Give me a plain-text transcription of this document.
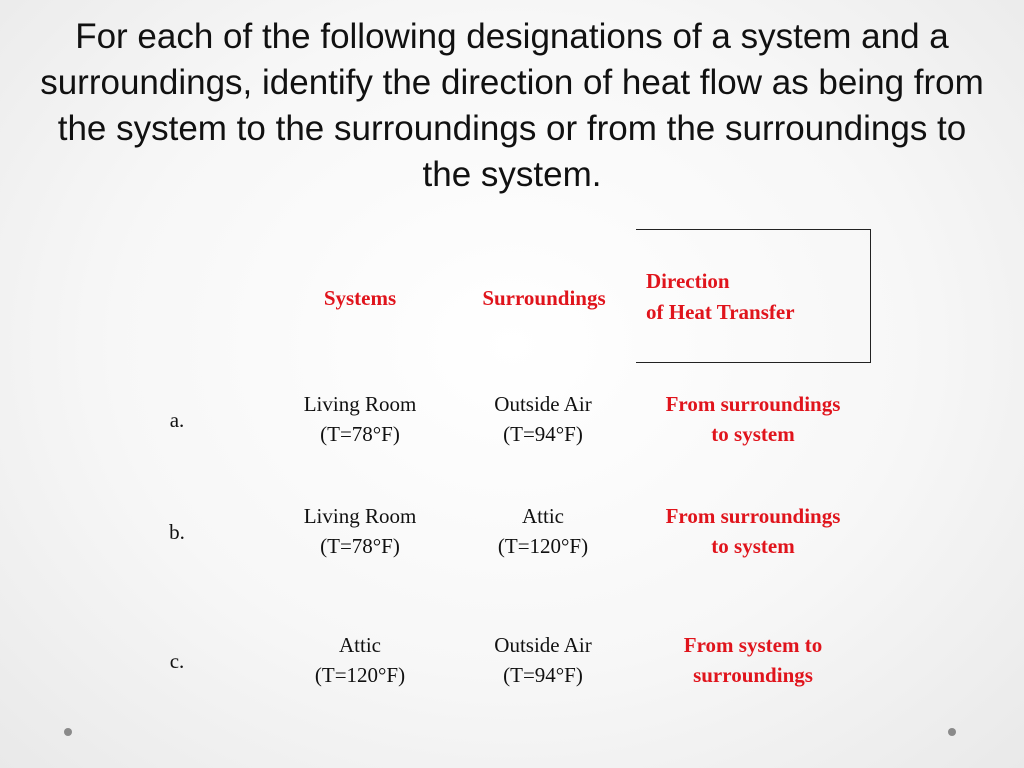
For each of the following designations of a system and a surroundings, identify the direction of heat flow as being from the system to the surroundings or from the surroundings to the system.
Systems	Surroundings
Direction
of Heat Transfer
a.
Living Room
(T=78°F)
Outside Air
(T=94°F)
From surroundings
to system
b.
Living Room
(T=78°F)
Attic
(T=120°F)
From surroundings
to system
c.
Attic
(T=120°F)
Outside Air
(T=94°F)
From system to
surroundings
